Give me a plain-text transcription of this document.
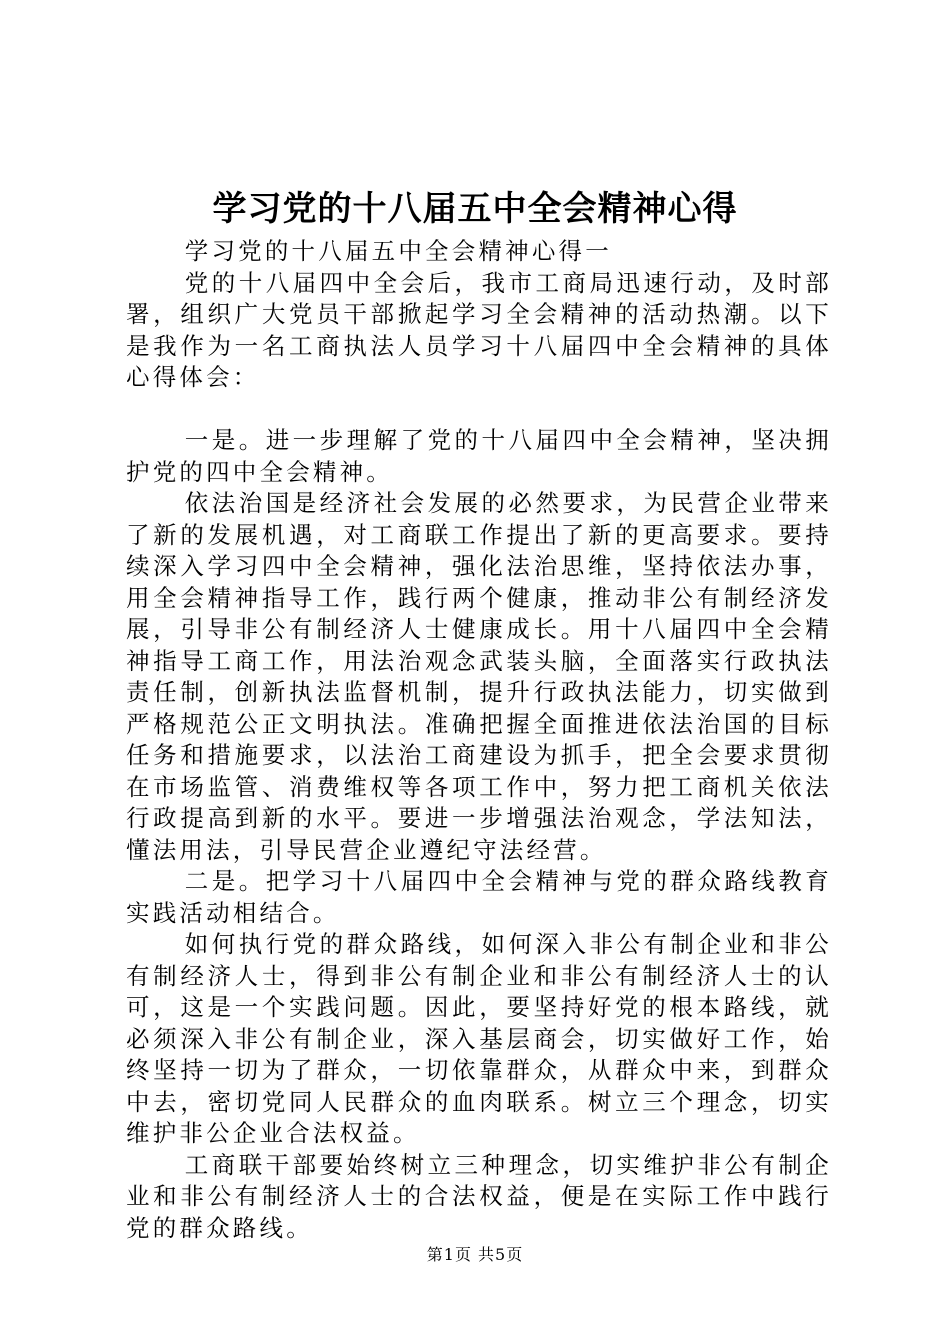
学习党的十八届五中全会精神心得

学习党的十八届五中全会精神心得一

党的十八届四中全会后，我市工商局迅速行动，及时部署，组织广大党员干部掀起学习全会精神的活动热潮。以下是我作为一名工商执法人员学习十八届四中全会精神的具体心得体会：

一是。进一步理解了党的十八届四中全会精神，坚决拥护党的四中全会精神。

依法治国是经济社会发展的必然要求，为民营企业带来了新的发展机遇，对工商联工作提出了新的更高要求。要持续深入学习四中全会精神，强化法治思维，坚持依法办事，用全会精神指导工作，践行两个健康，推动非公有制经济发展，引导非公有制经济人士健康成长。用十八届四中全会精神指导工商工作，用法治观念武装头脑，全面落实行政执法责任制，创新执法监督机制，提升行政执法能力，切实做到严格规范公正文明执法。准确把握全面推进依法治国的目标任务和措施要求，以法治工商建设为抓手，把全会要求贯彻在市场监管、消费维权等各项工作中，努力把工商机关依法行政提高到新的水平。要进一步增强法治观念，学法知法，懂法用法，引导民营企业遵纪守法经营。

二是。把学习十八届四中全会精神与党的群众路线教育实践活动相结合。

如何执行党的群众路线，如何深入非公有制企业和非公有制经济人士，得到非公有制企业和非公有制经济人士的认可，这是一个实践问题。因此，要坚持好党的根本路线，就必须深入非公有制企业，深入基层商会，切实做好工作，始终坚持一切为了群众，一切依靠群众，从群众中来，到群众中去，密切党同人民群众的血肉联系。树立三个理念，切实维护非公企业合法权益。

工商联干部要始终树立三种理念，切实维护非公有制企业和非公有制经济人士的合法权益，便是在实际工作中践行党的群众路线。

第1页 共5页
